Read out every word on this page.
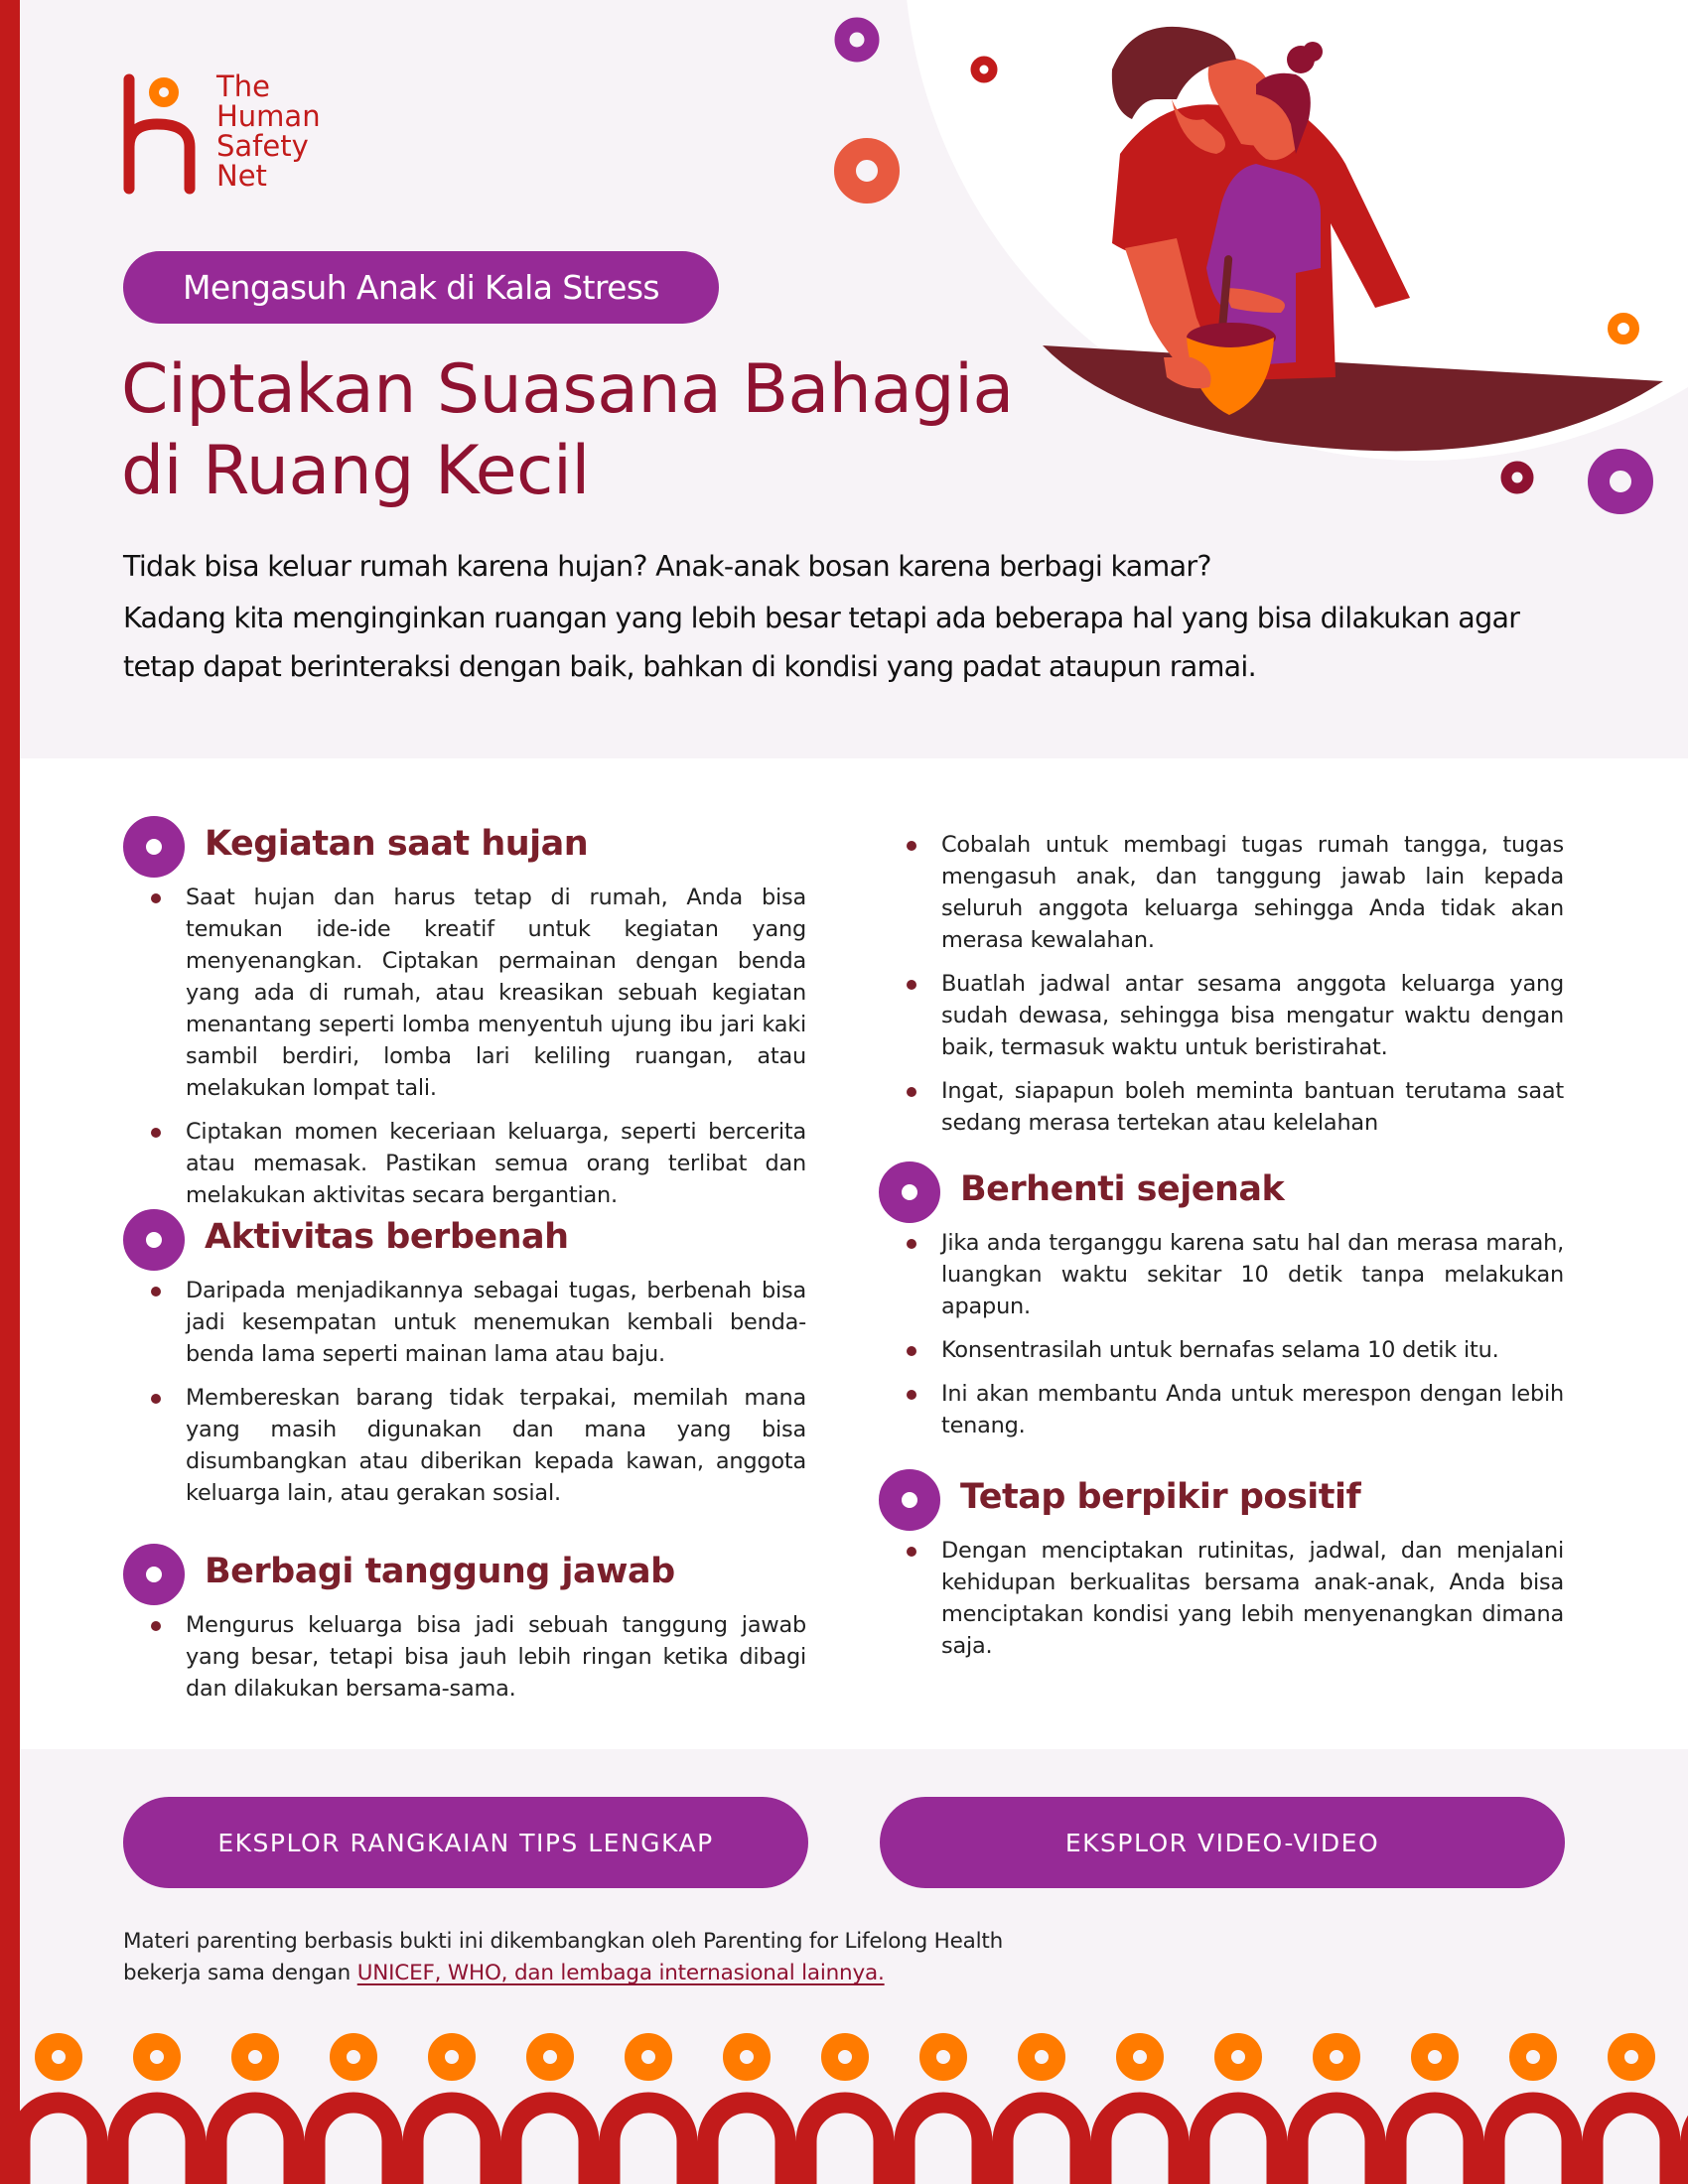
The
Human
Safety
Net
Mengasuh Anak di Kala Stress
Ciptakan Suasana Bahagia
di Ruang Kecil

Tidak bisa keluar rumah karena hujan? Anak-anak bosan karena berbagi kamar?

Kadang kita menginginkan ruangan yang lebih besar tetapi ada beberapa hal yang bisa dilakukan agar tetap dapat berinteraksi dengan baik, bahkan di kondisi yang padat ataupun ramai.

Kegiatan saat hujan
Saat hujan dan harus tetap di rumah, Anda bisa temukan ide-ide kreatif untuk kegiatan yang menyenangkan. Ciptakan permainan dengan benda yang ada di rumah, atau kreasikan sebuah kegiatan menantang seperti lomba menyentuh ujung ibu jari kaki sambil berdiri, lomba lari keliling ruangan, atau melakukan lompat tali.
Ciptakan momen keceriaan keluarga, seperti bercerita atau memasak. Pastikan semua orang terlibat dan melakukan aktivitas secara bergantian.
Aktivitas berbenah
Daripada menjadikannya sebagai tugas, berbenah bisa jadi kesempatan untuk menemukan kembali benda-benda lama seperti mainan lama atau baju.
Membereskan barang tidak terpakai, memilah mana yang masih digunakan dan mana yang bisa disumbangkan atau diberikan kepada kawan, anggota keluarga lain, atau gerakan sosial.
Berbagi tanggung jawab
Mengurus keluarga bisa jadi sebuah tanggung jawab yang besar, tetapi bisa jauh lebih ringan ketika dibagi dan dilakukan bersama-sama.
Cobalah untuk membagi tugas rumah tangga, tugas mengasuh anak, dan tanggung jawab lain kepada seluruh anggota keluarga sehingga Anda tidak akan merasa kewalahan.
Buatlah jadwal antar sesama anggota keluarga yang sudah dewasa, sehingga bisa mengatur waktu dengan baik, termasuk waktu untuk beristirahat.
Ingat, siapapun boleh meminta bantuan terutama saat sedang merasa tertekan atau kelelahan
Berhenti sejenak
Jika anda terganggu karena satu hal dan merasa marah, luangkan waktu sekitar 10 detik tanpa melakukan apapun.
Konsentrasilah untuk bernafas selama 10 detik itu.
Ini akan membantu Anda untuk merespon dengan lebih tenang.
Tetap berpikir positif
Dengan menciptakan rutinitas, jadwal, dan menjalani kehidupan berkualitas bersama anak-anak, Anda bisa menciptakan kondisi yang lebih menyenangkan dimana saja.
EKSPLOR RANGKAIAN TIPS LENGKAP	EKSPLOR VIDEO-VIDEO
Materi parenting berbasis bukti ini dikembangkan oleh Parenting for Lifelong Health
bekerja sama dengan UNICEF, WHO, dan lembaga internasional lainnya.
